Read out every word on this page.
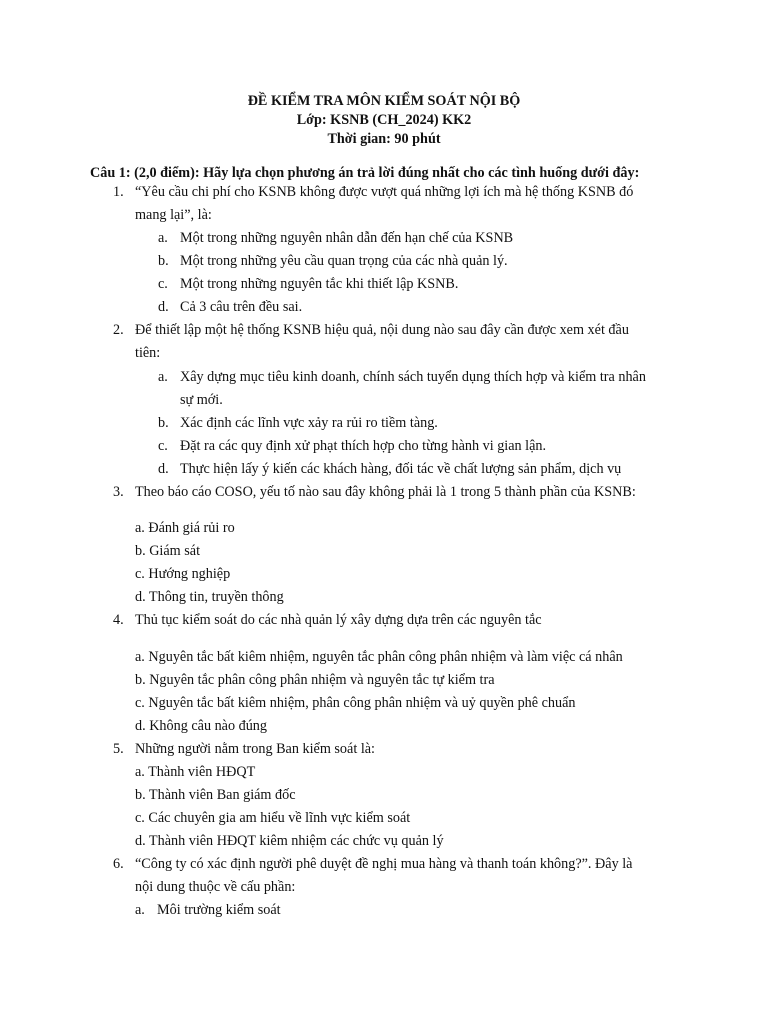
ĐỀ KIỂM TRA MÔN KIỂM SOÁT NỘI BỘ
Lớp: KSNB (CH_2024) KK2
Thời gian: 90 phút
Câu 1: (2,0 điểm): Hãy lựa chọn phương án trả lời đúng nhất cho các tình huống dưới đây:
1. “Yêu cầu chi phí cho KSNB không được vượt quá những lợi ích mà hệ thống KSNB đó
mang lại”, là:
a. Một trong những nguyên nhân dẫn đến hạn chế của KSNB
b. Một trong những yêu cầu quan trọng của các nhà quản lý.
c. Một trong những nguyên tắc khi thiết lập KSNB.
d. Cả 3 câu trên đều sai.
2. Để thiết lập một hệ thống KSNB hiệu quả, nội dung nào sau đây cần được xem xét đầu
tiên:
a. Xây dựng mục tiêu kinh doanh, chính sách tuyển dụng thích hợp và kiểm tra nhân
sự mới.
b. Xác định các lĩnh vực xảy ra rủi ro tiềm tàng.
c. Đặt ra các quy định xử phạt thích hợp cho từng hành vi gian lận.
d. Thực hiện lấy ý kiến các khách hàng, đối tác về chất lượng sản phẩm, dịch vụ
3. Theo báo cáo COSO, yếu tố nào sau đây không phải là 1 trong 5 thành phần của KSNB:
a. Đánh giá rủi ro
b. Giám sát
c. Hướng nghiệp
d. Thông tin, truyền thông
4. Thủ tục kiểm soát do các nhà quản lý xây dựng dựa trên các nguyên tắc
a. Nguyên tắc bất kiêm nhiệm, nguyên tắc phân công phân nhiệm và làm việc cá nhân
b. Nguyên tắc phân công phân nhiệm và nguyên tắc tự kiểm tra
c. Nguyên tắc bất kiêm nhiệm, phân công phân nhiệm và uỷ quyền phê chuẩn
d. Không câu nào đúng
5. Những người nằm trong Ban kiểm soát là:
a. Thành viên HĐQT
b. Thành viên Ban giám đốc
c. Các chuyên gia am hiểu về lĩnh vực kiểm soát
d. Thành viên HĐQT kiêm nhiệm các chức vụ quản lý
6. “Công ty có xác định người phê duyệt đề nghị mua hàng và thanh toán không?”. Đây là
nội dung thuộc về cấu phần:
a. Môi trường kiểm soát
